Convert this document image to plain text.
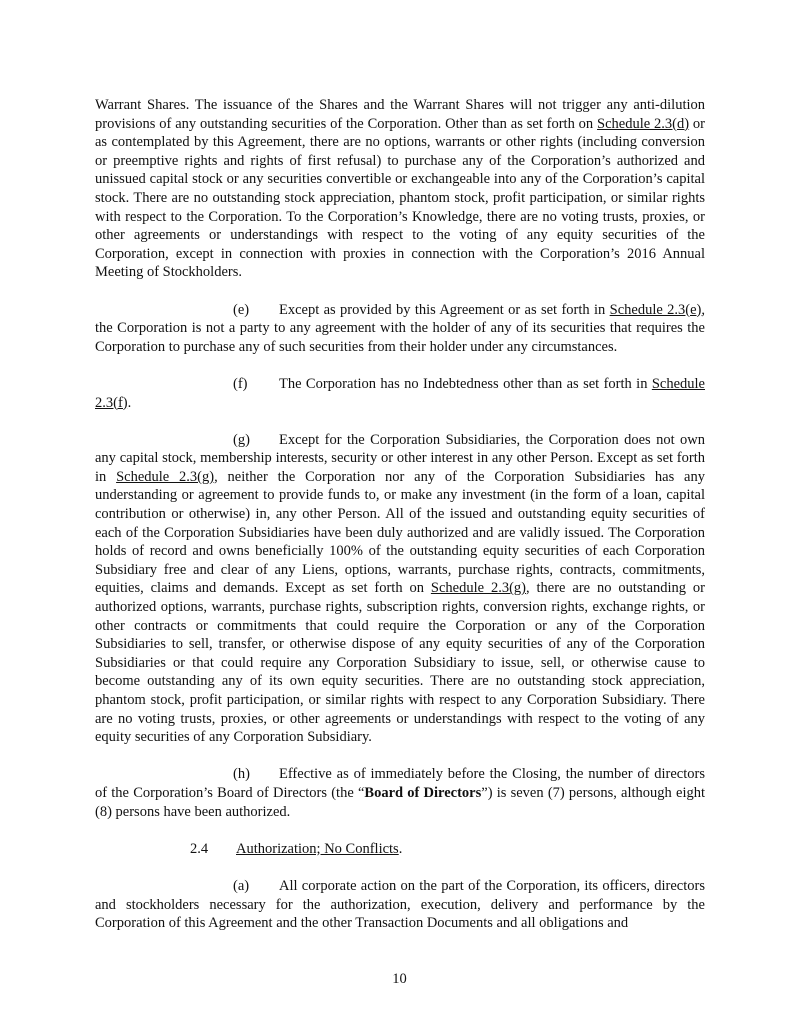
Warrant Shares. The issuance of the Shares and the Warrant Shares will not trigger any anti-dilution provisions of any outstanding securities of the Corporation. Other than as set forth on Schedule 2.3(d) or as contemplated by this Agreement, there are no options, warrants or other rights (including conversion or preemptive rights and rights of first refusal) to purchase any of the Corporation’s authorized and unissued capital stock or any securities convertible or exchangeable into any of the Corporation’s capital stock. There are no outstanding stock appreciation, phantom stock, profit participation, or similar rights with respect to the Corporation. To the Corporation’s Knowledge, there are no voting trusts, proxies, or other agreements or understandings with respect to the voting of any equity securities of the Corporation, except in connection with proxies in connection with the Corporation’s 2016 Annual Meeting of Stockholders.

(e) Except as provided by this Agreement or as set forth in Schedule 2.3(e), the Corporation is not a party to any agreement with the holder of any of its securities that requires the Corporation to purchase any of such securities from their holder under any circumstances.

(f) The Corporation has no Indebtedness other than as set forth in Schedule 2.3(f).

(g) Except for the Corporation Subsidiaries, the Corporation does not own any capital stock, membership interests, security or other interest in any other Person. Except as set forth in Schedule 2.3(g), neither the Corporation nor any of the Corporation Subsidiaries has any understanding or agreement to provide funds to, or make any investment (in the form of a loan, capital contribution or otherwise) in, any other Person. All of the issued and outstanding equity securities of each of the Corporation Subsidiaries have been duly authorized and are validly issued. The Corporation holds of record and owns beneficially 100% of the outstanding equity securities of each Corporation Subsidiary free and clear of any Liens, options, warrants, purchase rights, contracts, commitments, equities, claims and demands. Except as set forth on Schedule 2.3(g), there are no outstanding or authorized options, warrants, purchase rights, subscription rights, conversion rights, exchange rights, or other contracts or commitments that could require the Corporation or any of the Corporation Subsidiaries to sell, transfer, or otherwise dispose of any equity securities of any of the Corporation Subsidiaries or that could require any Corporation Subsidiary to issue, sell, or otherwise cause to become outstanding any of its own equity securities. There are no outstanding stock appreciation, phantom stock, profit participation, or similar rights with respect to any Corporation Subsidiary. There are no voting trusts, proxies, or other agreements or understandings with respect to the voting of any equity securities of any Corporation Subsidiary.

(h) Effective as of immediately before the Closing, the number of directors of the Corporation’s Board of Directors (the “Board of Directors”) is seven (7) persons, although eight (8) persons have been authorized.

2.4 Authorization; No Conflicts.

(a) All corporate action on the part of the Corporation, its officers, directors and stockholders necessary for the authorization, execution, delivery and performance by the Corporation of this Agreement and the other Transaction Documents and all obligations and

10
